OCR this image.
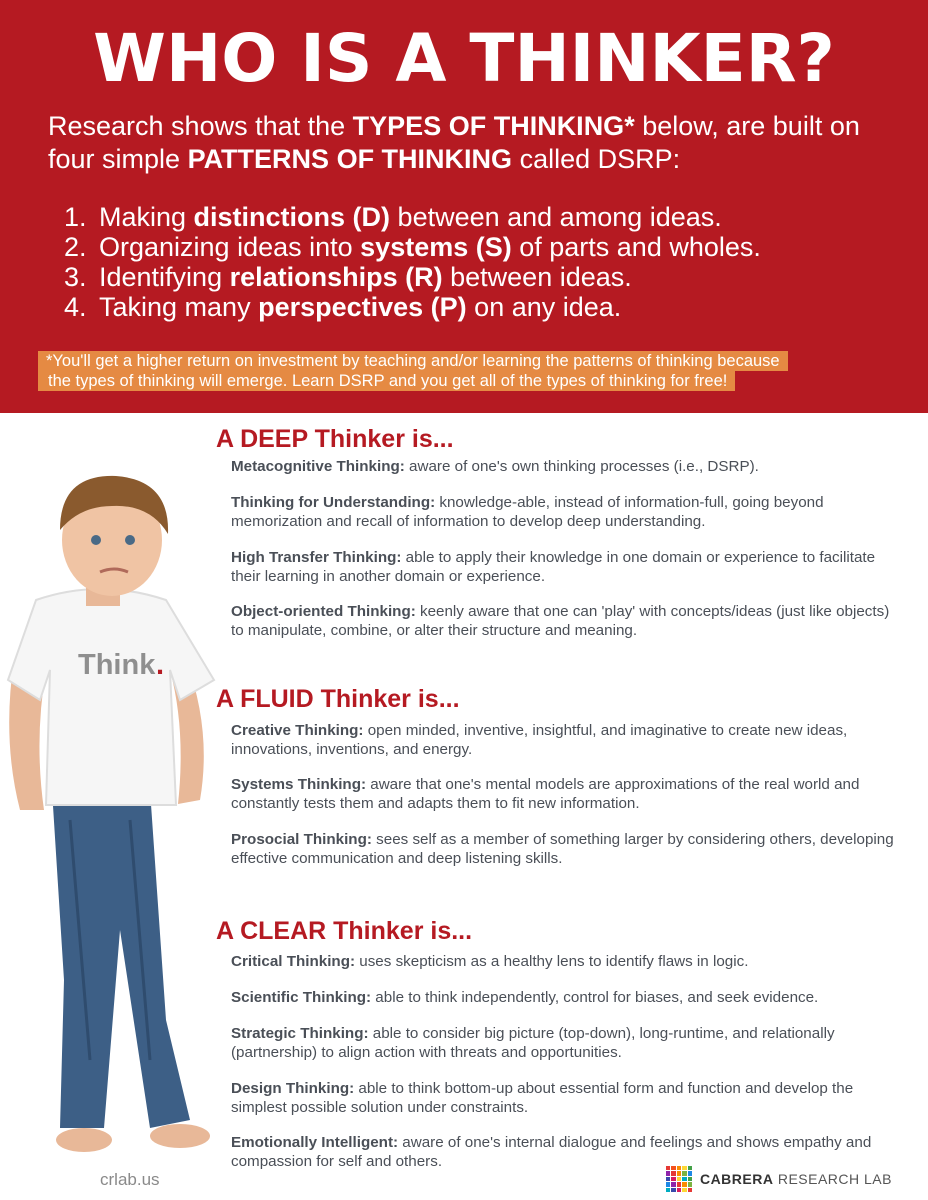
WHO IS A THINKER?

Research shows that the TYPES OF THINKING* below, are built on four simple PATTERNS OF THINKING called DSRP:

1. Making distinctions (D) between and among ideas.
2. Organizing ideas into systems (S) of parts and wholes.
3. Identifying relationships (R) between ideas.
4. Taking many perspectives (P) on any idea.
*You'll get a higher return on investment by teaching and/or learning the patterns of thinking because
the types of thinking will emerge. Learn DSRP and you get all of the types of thinking for free!
Think .

crlab.us

A DEEP Thinker is...

Metacognitive Thinking: aware of one's own thinking processes (i.e., DSRP).

Thinking for Understanding: knowledge-able, instead of information-full, going beyond memorization and recall of information to develop deep understanding.

High Transfer Thinking: able to apply their knowledge in one domain or experience to facilitate their learning in another domain or experience.

Object-oriented Thinking: keenly aware that one can 'play' with concepts/ideas (just like objects) to manipulate, combine, or alter their structure and meaning.

A FLUID Thinker is...

Creative Thinking: open minded, inventive, insightful, and imaginative to create new ideas, innovations, inventions, and energy.

Systems Thinking: aware that one's mental models are approximations of the real world and constantly tests them and adapts them to fit new information.

Prosocial Thinking: sees self as a member of something larger by considering others, developing effective communication and deep listening skills.

A CLEAR Thinker is...

Critical Thinking: uses skepticism as a healthy lens to identify flaws in logic.

Scientific Thinking: able to think independently, control for biases, and seek evidence.

Strategic Thinking: able to consider big picture (top-down), long-runtime, and relationally (partnership) to align action with threats and opportunities.

Design Thinking: able to think bottom-up about essential form and function and develop the simplest possible solution under constraints.

Emotionally Intelligent: aware of one's internal dialogue and feelings and shows empathy and compassion for self and others.

CABRERA RESEARCH LAB
